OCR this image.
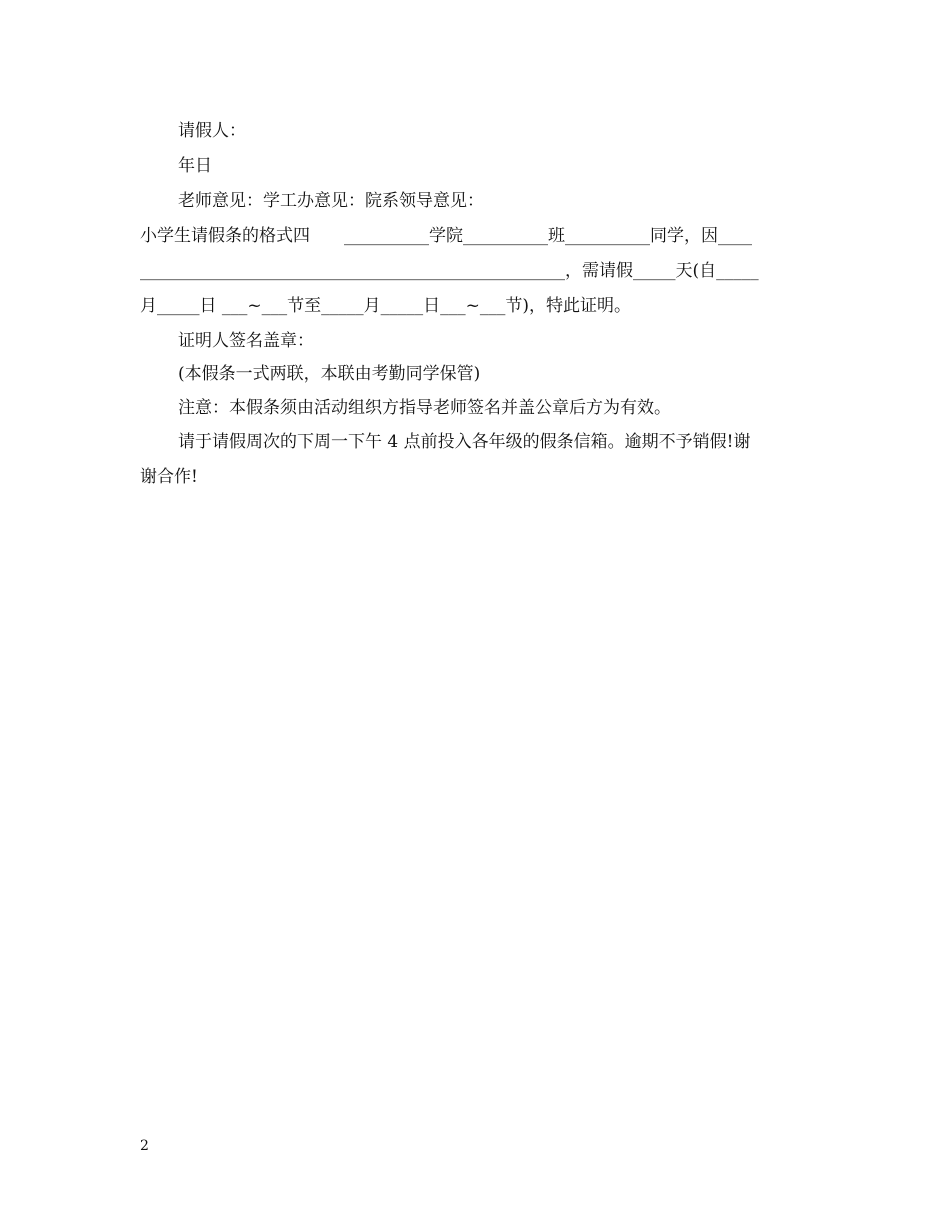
请假人：
年日
老师意见：学工办意见：院系领导意见：
小学生请假条的格式四　　__________学院__________班__________同学，因____
__________________________________________________，需请假_____天(自_____
月_____日 ___~___节至_____月_____日___~___节)，特此证明。
证明人签名盖章：
(本假条一式两联，本联由考勤同学保管)
注意：本假条须由活动组织方指导老师签名并盖公章后方为有效。
请于请假周次的下周一下午 4 点前投入各年级的假条信箱。逾期不予销假!谢
谢合作!
2
